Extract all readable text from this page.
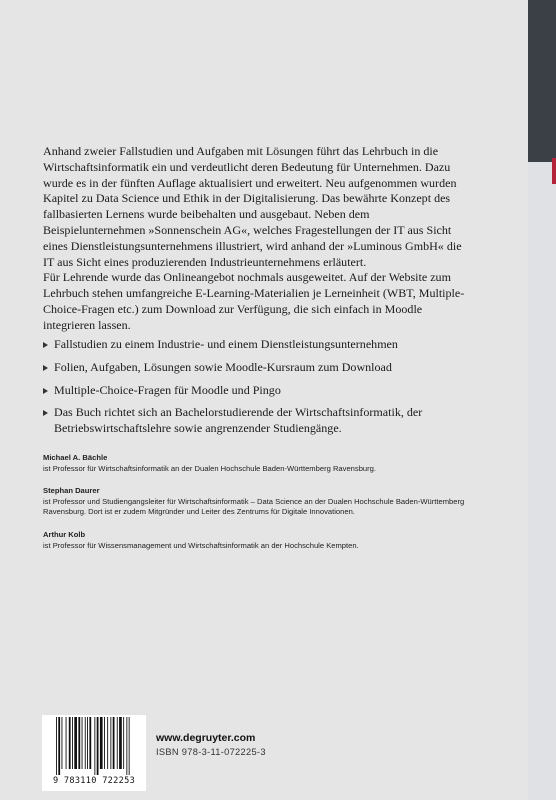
Anhand zweier Fallstudien und Aufgaben mit Lösungen führt das Lehrbuch in die Wirtschaftsinformatik ein und verdeutlicht deren Bedeutung für Unternehmen. Dazu wurde es in der fünften Auflage aktualisiert und erweitert. Neu aufgenommen wurden Kapitel zu Data Science und Ethik in der Digitalisierung. Das bewährte Konzept des fallbasierten Lernens wurde beibehalten und ausgebaut. Neben dem Beispielunternehmen »Sonnenschein AG«, welches Fragestellungen der IT aus Sicht eines Dienstleistungsunternehmens illustriert, wird anhand der »Luminous GmbH« die IT aus Sicht eines produzierenden Industrieunternehmens erläutert.

Für Lehrende wurde das Onlineangebot nochmals ausgeweitet. Auf der Website zum Lehrbuch stehen umfangreiche E-Learning-Materialien je Lerneinheit (WBT, Multiple-Choice-Fragen etc.) zum Download zur Verfügung, die sich einfach in Moodle integrieren lassen.

Fallstudien zu einem Industrie- und einem Dienstleistungsunternehmen
Folien, Aufgaben, Lösungen sowie Moodle-Kursraum zum Download
Multiple-Choice-Fragen für Moodle und Pingo
Das Buch richtet sich an Bachelorstudierende der Wirtschaftsinformatik, der Betriebswirtschaftslehre sowie angrenzender Studiengänge.
Michael A. Bächle
ist Professor für Wirtschaftsinformatik an der Dualen Hochschule Baden-Württemberg Ravensburg.
Stephan Daurer
ist Professor und Studiengangsleiter für Wirtschaftsinformatik – Data Science an der Dualen Hochschule Baden-Württemberg Ravensburg. Dort ist er zudem Mitgründer und Leiter des Zentrums für Digitale Innovationen.
Arthur Kolb
ist Professor für Wissensmanagement und Wirtschaftsinformatik an der Hochschule Kempten.
9 783110 722253
www.degruyter.com
ISBN 978-3-11-072225-3
